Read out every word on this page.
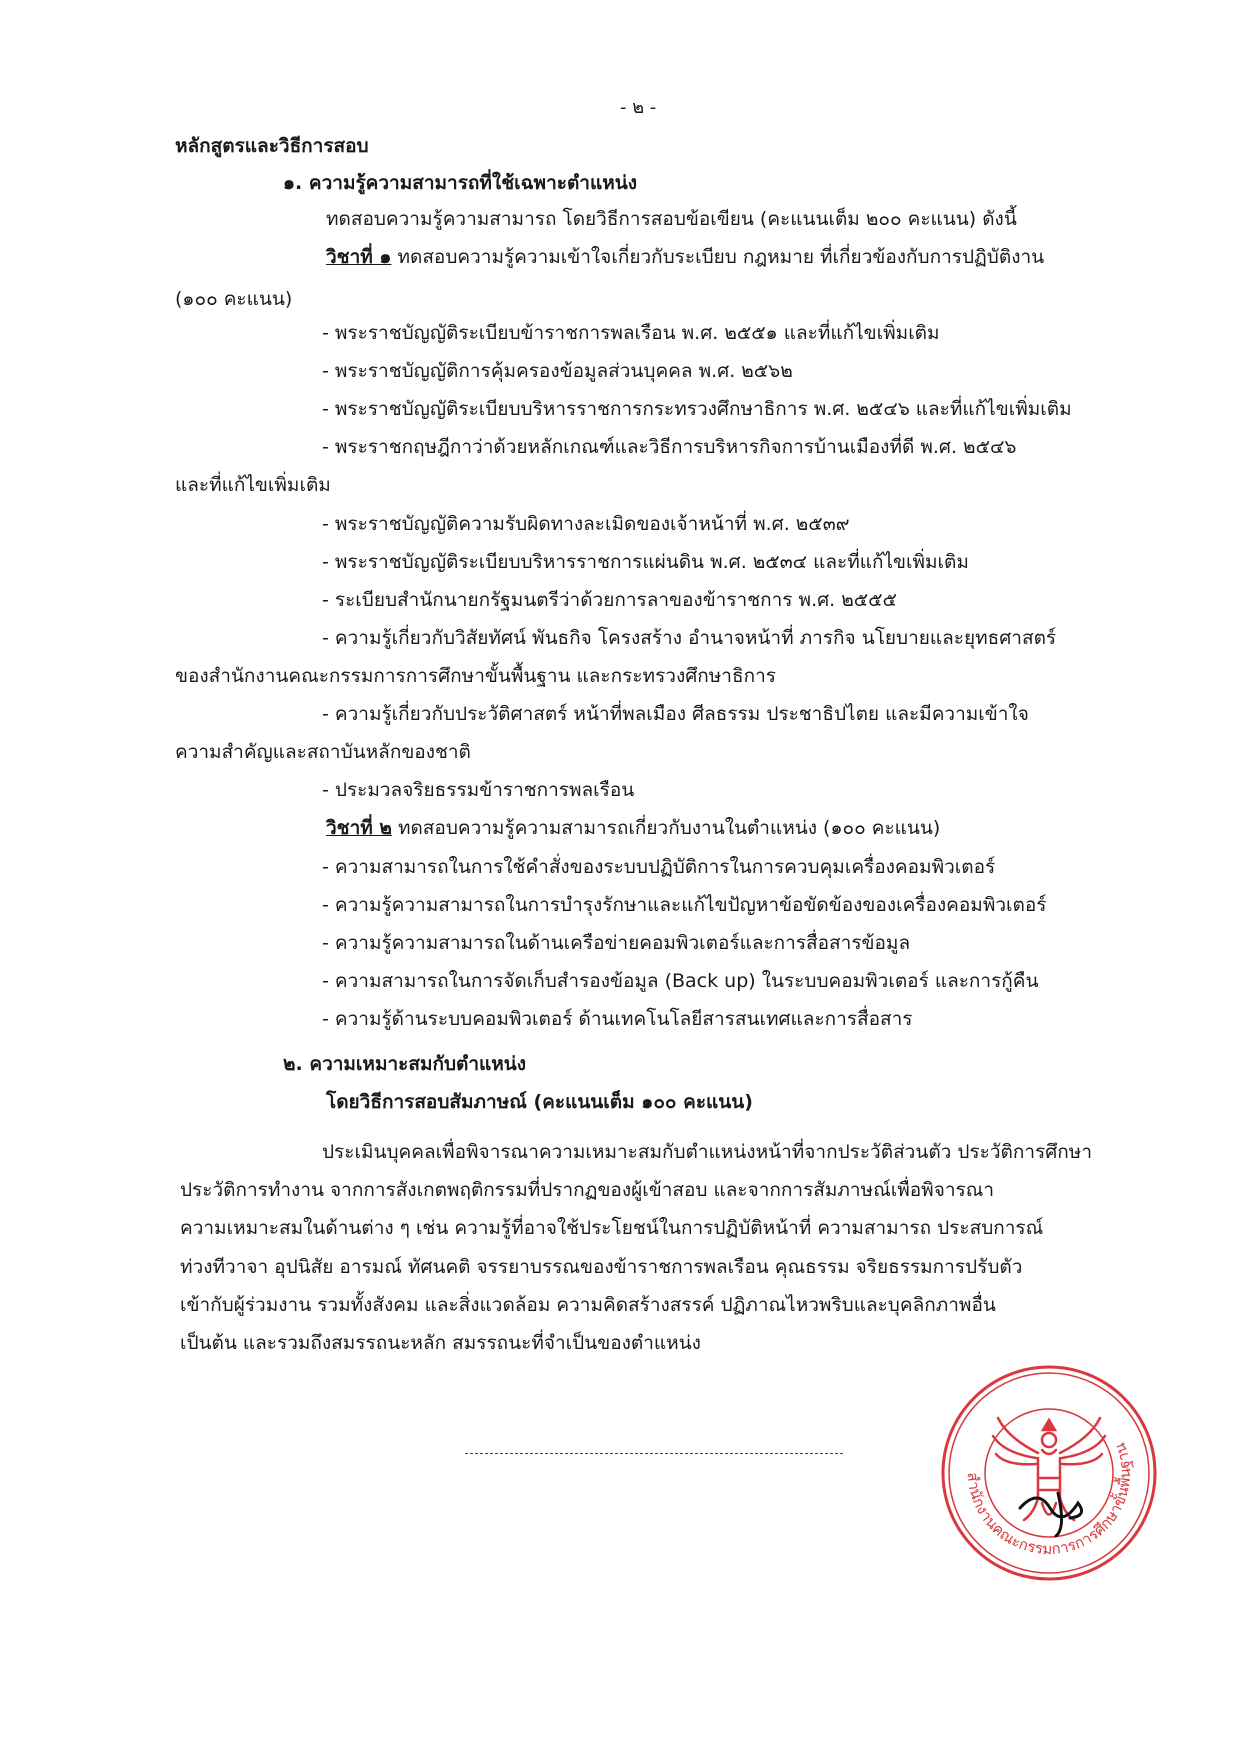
- ๒ -
หลักสูตรและวิธีการสอบ
๑. ความรู้ความสามารถที่ใช้เฉพาะตำแหน่ง
ทดสอบความรู้ความสามารถ โดยวิธีการสอบข้อเขียน (คะแนนเต็ม ๒๐๐ คะแนน) ดังนี้
วิชาที่ ๑ ทดสอบความรู้ความเข้าใจเกี่ยวกับระเบียบ กฎหมาย ที่เกี่ยวข้องกับการปฏิบัติงาน
(๑๐๐ คะแนน)
- พระราชบัญญัติระเบียบข้าราชการพลเรือน พ.ศ. ๒๕๕๑ และที่แก้ไขเพิ่มเติม
- พระราชบัญญัติการคุ้มครองข้อมูลส่วนบุคคล พ.ศ. ๒๕๖๒
- พระราชบัญญัติระเบียบบริหารราชการกระทรวงศึกษาธิการ พ.ศ. ๒๕๔๖ และที่แก้ไขเพิ่มเติม
- พระราชกฤษฎีกาว่าด้วยหลักเกณฑ์และวิธีการบริหารกิจการบ้านเมืองที่ดี พ.ศ. ๒๕๔๖
และที่แก้ไขเพิ่มเติม
- พระราชบัญญัติความรับผิดทางละเมิดของเจ้าหน้าที่ พ.ศ. ๒๕๓๙
- พระราชบัญญัติระเบียบบริหารราชการแผ่นดิน พ.ศ. ๒๕๓๔ และที่แก้ไขเพิ่มเติม
- ระเบียบสำนักนายกรัฐมนตรีว่าด้วยการลาของข้าราชการ พ.ศ. ๒๕๕๕
- ความรู้เกี่ยวกับวิสัยทัศน์ พันธกิจ โครงสร้าง อำนาจหน้าที่ ภารกิจ นโยบายและยุทธศาสตร์
ของสำนักงานคณะกรรมการการศึกษาขั้นพื้นฐาน และกระทรวงศึกษาธิการ
- ความรู้เกี่ยวกับประวัติศาสตร์ หน้าที่พลเมือง ศีลธรรม ประชาธิปไตย และมีความเข้าใจ
ความสำคัญและสถาบันหลักของชาติ
- ประมวลจริยธรรมข้าราชการพลเรือน
วิชาที่ ๒ ทดสอบความรู้ความสามารถเกี่ยวกับงานในตำแหน่ง (๑๐๐ คะแนน)
- ความสามารถในการใช้คำสั่งของระบบปฏิบัติการในการควบคุมเครื่องคอมพิวเตอร์
- ความรู้ความสามารถในการบำรุงรักษาและแก้ไขปัญหาข้อขัดข้องของเครื่องคอมพิวเตอร์
- ความรู้ความสามารถในด้านเครือข่ายคอมพิวเตอร์และการสื่อสารข้อมูล
- ความสามารถในการจัดเก็บสำรองข้อมูล (Back up) ในระบบคอมพิวเตอร์ และการกู้คืน
- ความรู้ด้านระบบคอมพิวเตอร์ ด้านเทคโนโลยีสารสนเทศและการสื่อสาร
๒. ความเหมาะสมกับตำแหน่ง
โดยวิธีการสอบสัมภาษณ์ (คะแนนเต็ม ๑๐๐ คะแนน)
ประเมินบุคคลเพื่อพิจารณาความเหมาะสมกับตำแหน่งหน้าที่จากประวัติส่วนตัว ประวัติการศึกษา
ประวัติการทำงาน จากการสังเกตพฤติกรรมที่ปรากฏของผู้เข้าสอบ และจากการสัมภาษณ์เพื่อพิจารณา
ความเหมาะสมในด้านต่าง ๆ เช่น ความรู้ที่อาจใช้ประโยชน์ในการปฏิบัติหน้าที่ ความสามารถ ประสบการณ์
ท่วงทีวาจา อุปนิสัย อารมณ์ ทัศนคติ จรรยาบรรณของข้าราชการพลเรือน คุณธรรม จริยธรรมการปรับตัว
เข้ากับผู้ร่วมงาน รวมทั้งสังคม และสิ่งแวดล้อม ความคิดสร้างสรรค์ ปฏิภาณไหวพริบและบุคลิกภาพอื่น
เป็นต้น และรวมถึงสมรรถนะหลัก สมรรถนะที่จำเป็นของตำแหน่ง
สำนักงานคณะกรรมการการศึกษาขั้นพื้นฐาน
